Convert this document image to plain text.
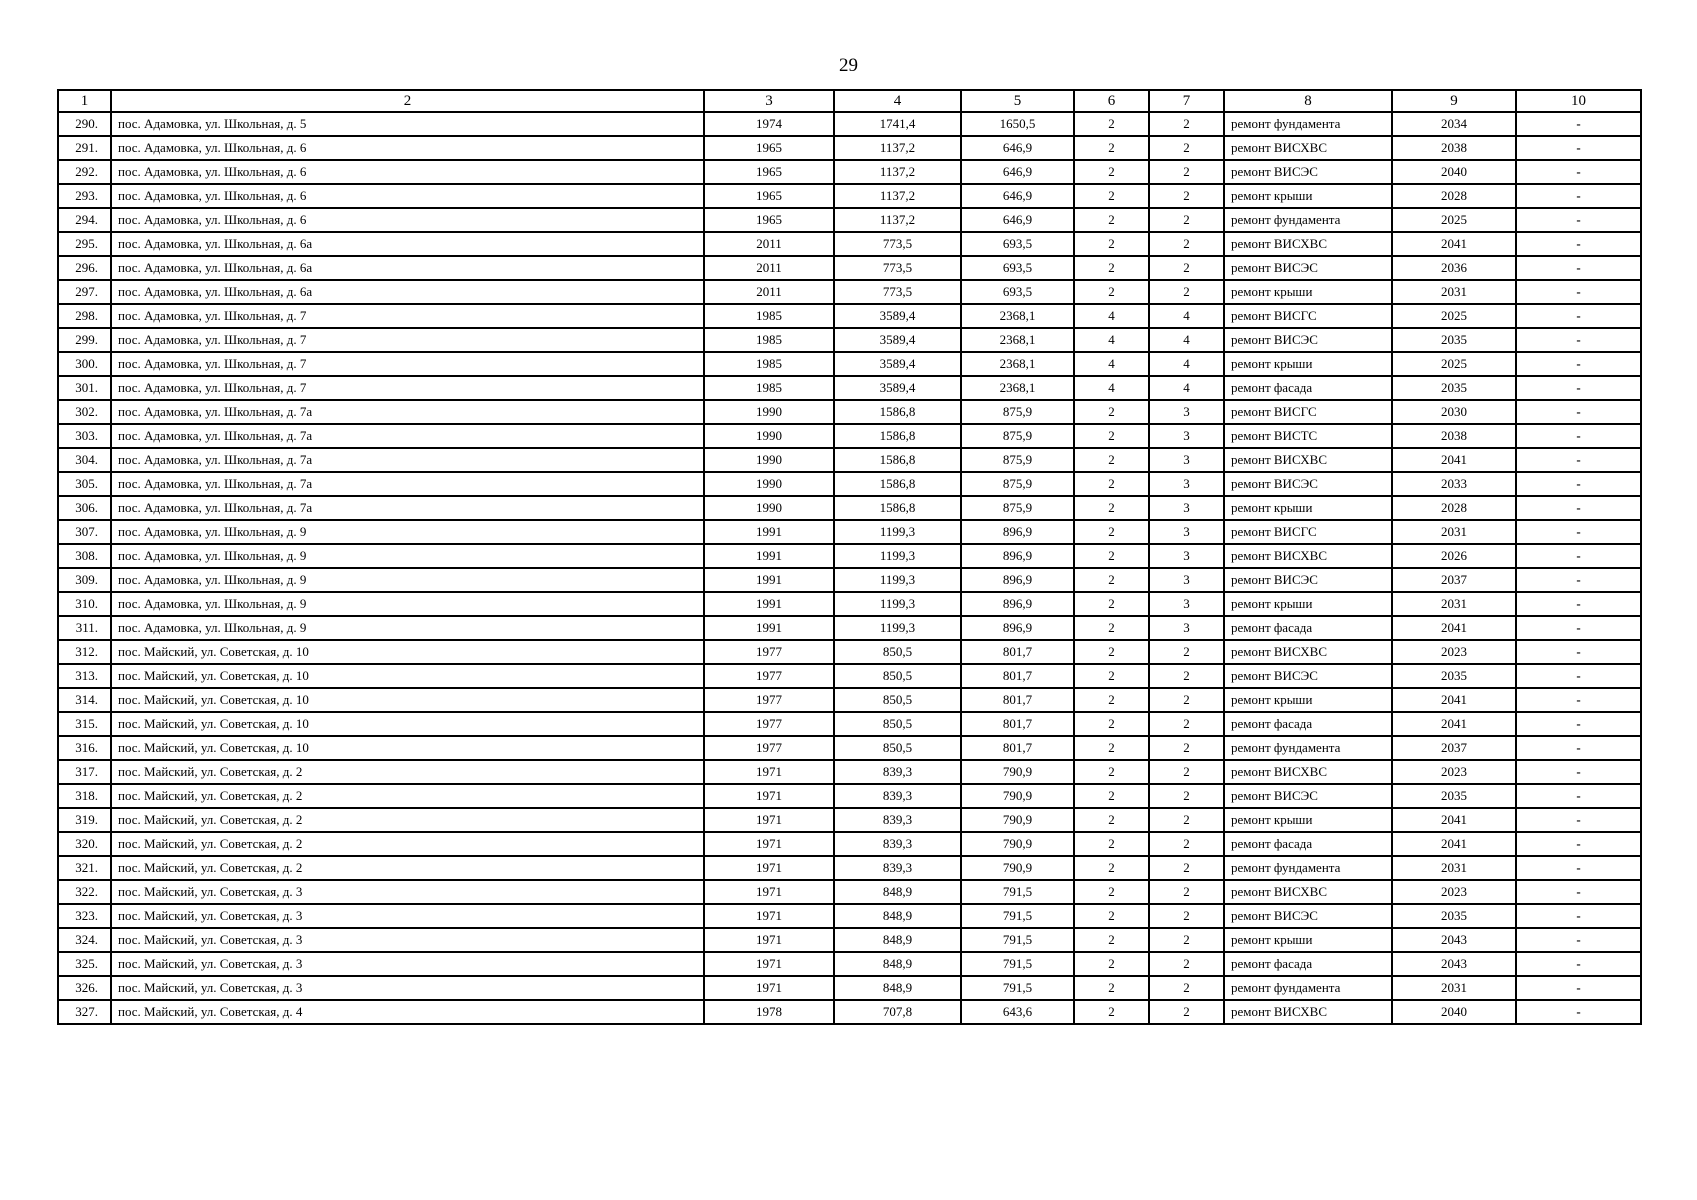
29
1	2	3	4	5	6	7	8	9	10
290.	пос. Адамовка, ул. Школьная, д. 5	1974	1741,4	1650,5	2	2	ремонт фундамента	2034	-
291.	пос. Адамовка, ул. Школьная, д. 6	1965	1137,2	646,9	2	2	ремонт ВИСХВС	2038	-
292.	пос. Адамовка, ул. Школьная, д. 6	1965	1137,2	646,9	2	2	ремонт ВИСЭС	2040	-
293.	пос. Адамовка, ул. Школьная, д. 6	1965	1137,2	646,9	2	2	ремонт крыши	2028	-
294.	пос. Адамовка, ул. Школьная, д. 6	1965	1137,2	646,9	2	2	ремонт фундамента	2025	-
295.	пос. Адамовка, ул. Школьная, д. 6а	2011	773,5	693,5	2	2	ремонт ВИСХВС	2041	-
296.	пос. Адамовка, ул. Школьная, д. 6а	2011	773,5	693,5	2	2	ремонт ВИСЭС	2036	-
297.	пос. Адамовка, ул. Школьная, д. 6а	2011	773,5	693,5	2	2	ремонт крыши	2031	-
298.	пос. Адамовка, ул. Школьная, д. 7	1985	3589,4	2368,1	4	4	ремонт ВИСГС	2025	-
299.	пос. Адамовка, ул. Школьная, д. 7	1985	3589,4	2368,1	4	4	ремонт ВИСЭС	2035	-
300.	пос. Адамовка, ул. Школьная, д. 7	1985	3589,4	2368,1	4	4	ремонт крыши	2025	-
301.	пос. Адамовка, ул. Школьная, д. 7	1985	3589,4	2368,1	4	4	ремонт фасада	2035	-
302.	пос. Адамовка, ул. Школьная, д. 7а	1990	1586,8	875,9	2	3	ремонт ВИСГС	2030	-
303.	пос. Адамовка, ул. Школьная, д. 7а	1990	1586,8	875,9	2	3	ремонт ВИСТС	2038	-
304.	пос. Адамовка, ул. Школьная, д. 7а	1990	1586,8	875,9	2	3	ремонт ВИСХВС	2041	-
305.	пос. Адамовка, ул. Школьная, д. 7а	1990	1586,8	875,9	2	3	ремонт ВИСЭС	2033	-
306.	пос. Адамовка, ул. Школьная, д. 7а	1990	1586,8	875,9	2	3	ремонт крыши	2028	-
307.	пос. Адамовка, ул. Школьная, д. 9	1991	1199,3	896,9	2	3	ремонт ВИСГС	2031	-
308.	пос. Адамовка, ул. Школьная, д. 9	1991	1199,3	896,9	2	3	ремонт ВИСХВС	2026	-
309.	пос. Адамовка, ул. Школьная, д. 9	1991	1199,3	896,9	2	3	ремонт ВИСЭС	2037	-
310.	пос. Адамовка, ул. Школьная, д. 9	1991	1199,3	896,9	2	3	ремонт крыши	2031	-
311.	пос. Адамовка, ул. Школьная, д. 9	1991	1199,3	896,9	2	3	ремонт фасада	2041	-
312.	пос. Майский, ул. Советская, д. 10	1977	850,5	801,7	2	2	ремонт ВИСХВС	2023	-
313.	пос. Майский, ул. Советская, д. 10	1977	850,5	801,7	2	2	ремонт ВИСЭС	2035	-
314.	пос. Майский, ул. Советская, д. 10	1977	850,5	801,7	2	2	ремонт крыши	2041	-
315.	пос. Майский, ул. Советская, д. 10	1977	850,5	801,7	2	2	ремонт фасада	2041	-
316.	пос. Майский, ул. Советская, д. 10	1977	850,5	801,7	2	2	ремонт фундамента	2037	-
317.	пос. Майский, ул. Советская, д. 2	1971	839,3	790,9	2	2	ремонт ВИСХВС	2023	-
318.	пос. Майский, ул. Советская, д. 2	1971	839,3	790,9	2	2	ремонт ВИСЭС	2035	-
319.	пос. Майский, ул. Советская, д. 2	1971	839,3	790,9	2	2	ремонт крыши	2041	-
320.	пос. Майский, ул. Советская, д. 2	1971	839,3	790,9	2	2	ремонт фасада	2041	-
321.	пос. Майский, ул. Советская, д. 2	1971	839,3	790,9	2	2	ремонт фундамента	2031	-
322.	пос. Майский, ул. Советская, д. 3	1971	848,9	791,5	2	2	ремонт ВИСХВС	2023	-
323.	пос. Майский, ул. Советская, д. 3	1971	848,9	791,5	2	2	ремонт ВИСЭС	2035	-
324.	пос. Майский, ул. Советская, д. 3	1971	848,9	791,5	2	2	ремонт крыши	2043	-
325.	пос. Майский, ул. Советская, д. 3	1971	848,9	791,5	2	2	ремонт фасада	2043	-
326.	пос. Майский, ул. Советская, д. 3	1971	848,9	791,5	2	2	ремонт фундамента	2031	-
327.	пос. Майский, ул. Советская, д. 4	1978	707,8	643,6	2	2	ремонт ВИСХВС	2040	-
